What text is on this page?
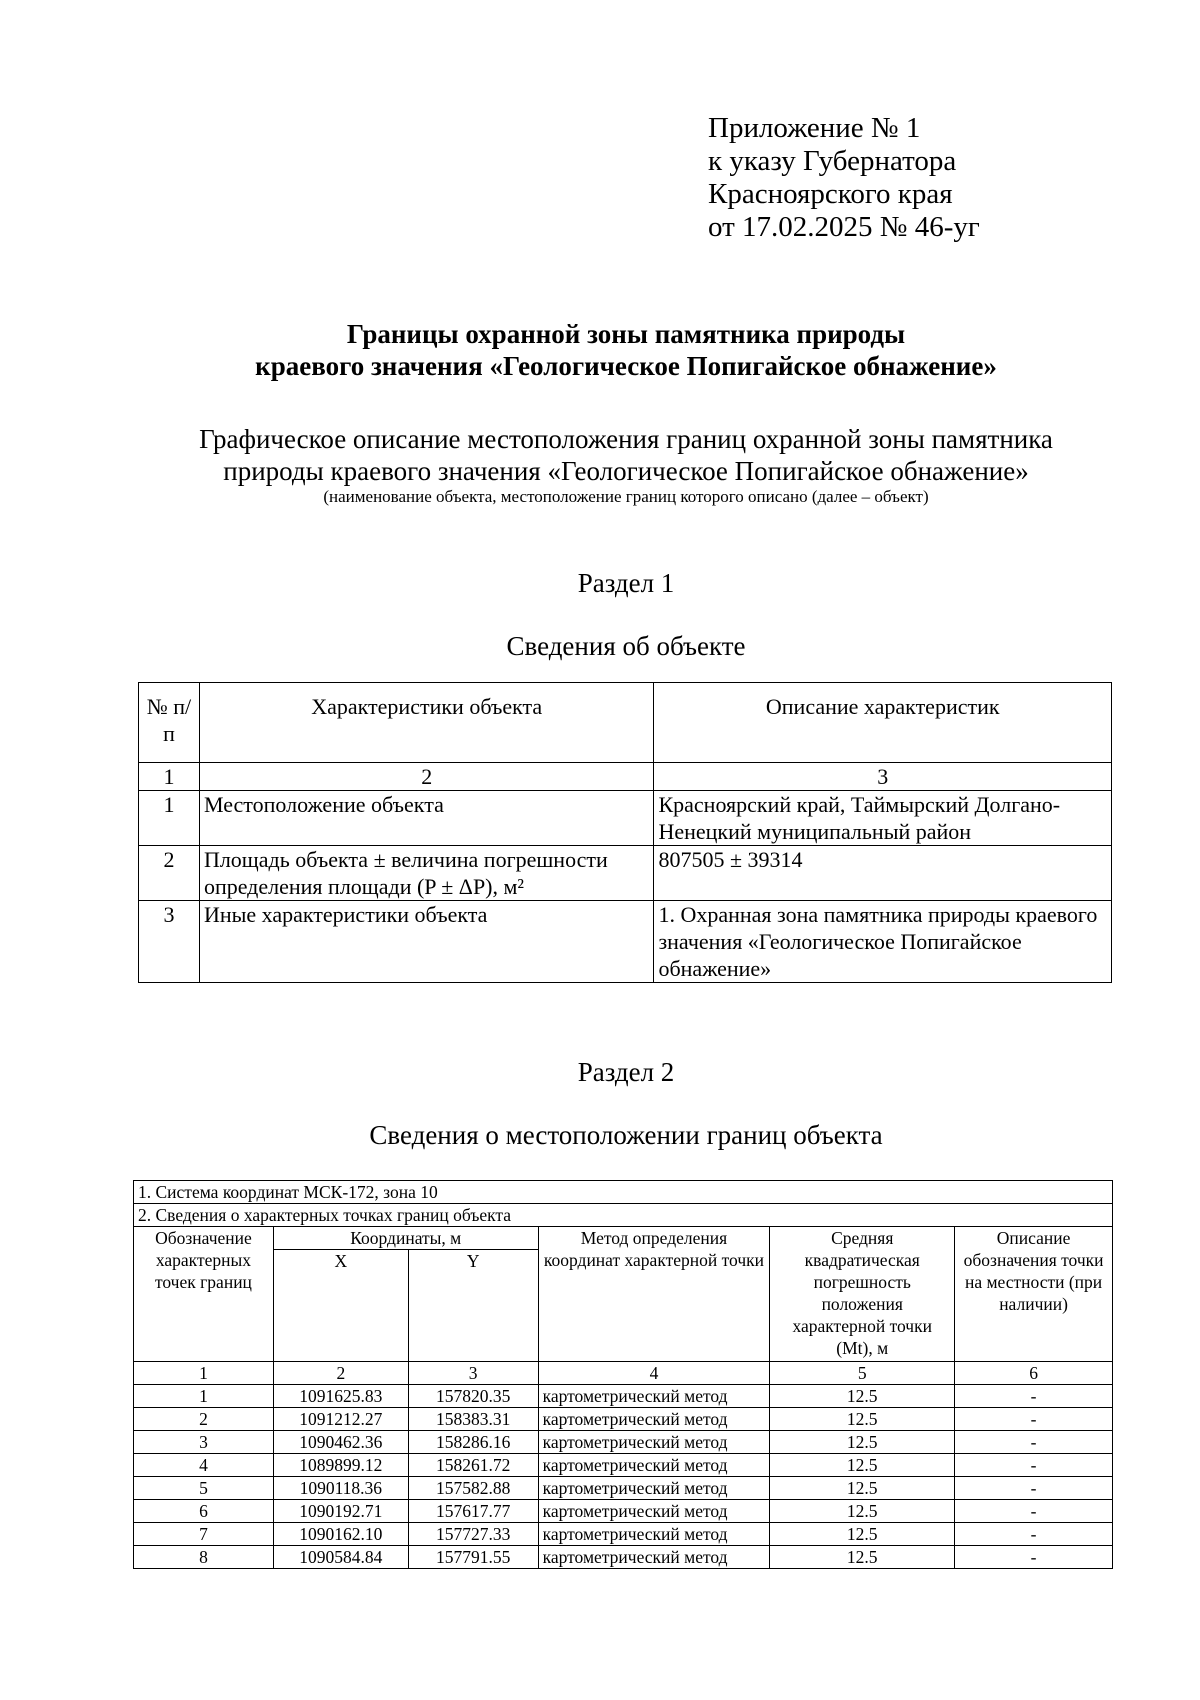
Приложение № 1
к указу Губернатора
Красноярского края
от 17.02.2025 № 46-уг
Границы охранной зоны памятника природы
краевого значения «Геологическое Попигайское обнажение»
Графическое описание местоположения границ охранной зоны памятника
природы краевого значения «Геологическое Попигайское обнажение»
(наименование объекта, местоположение границ которого описано (далее – объект)
Раздел 1
Сведения об объекте
№ п/п	Характеристики объекта	Описание характеристик
1	2	3
1	Местоположение объекта	Красноярский край, Таймырский Долгано-Ненецкий муниципальный район
2	Площадь объекта ± величина погрешности определения площади (P ± ΔP), м²	807505 ± 39314
3	Иные характеристики объекта	1. Охранная зона памятника природы краевого значения «Геологическое Попигайское обнажение»
Раздел 2
Сведения о местоположении границ объекта
1. Система координат МСК-172, зона 10					
2. Сведения о характерных точках границ объекта					
Обозначение характерных точек границ	Координаты, м		Метод определения координат характерной точки	Средняя квадратическая погрешность положения характерной точки (Mt), м	Описание обозначения точки на местности (при наличии)
	X	Y			
1	2	3	4	5	6
1	1091625.83	157820.35	картометрический метод	12.5	-
2	1091212.27	158383.31	картометрический метод	12.5	-
3	1090462.36	158286.16	картометрический метод	12.5	-
4	1089899.12	158261.72	картометрический метод	12.5	-
5	1090118.36	157582.88	картометрический метод	12.5	-
6	1090192.71	157617.77	картометрический метод	12.5	-
7	1090162.10	157727.33	картометрический метод	12.5	-
8	1090584.84	157791.55	картометрический метод	12.5	-
